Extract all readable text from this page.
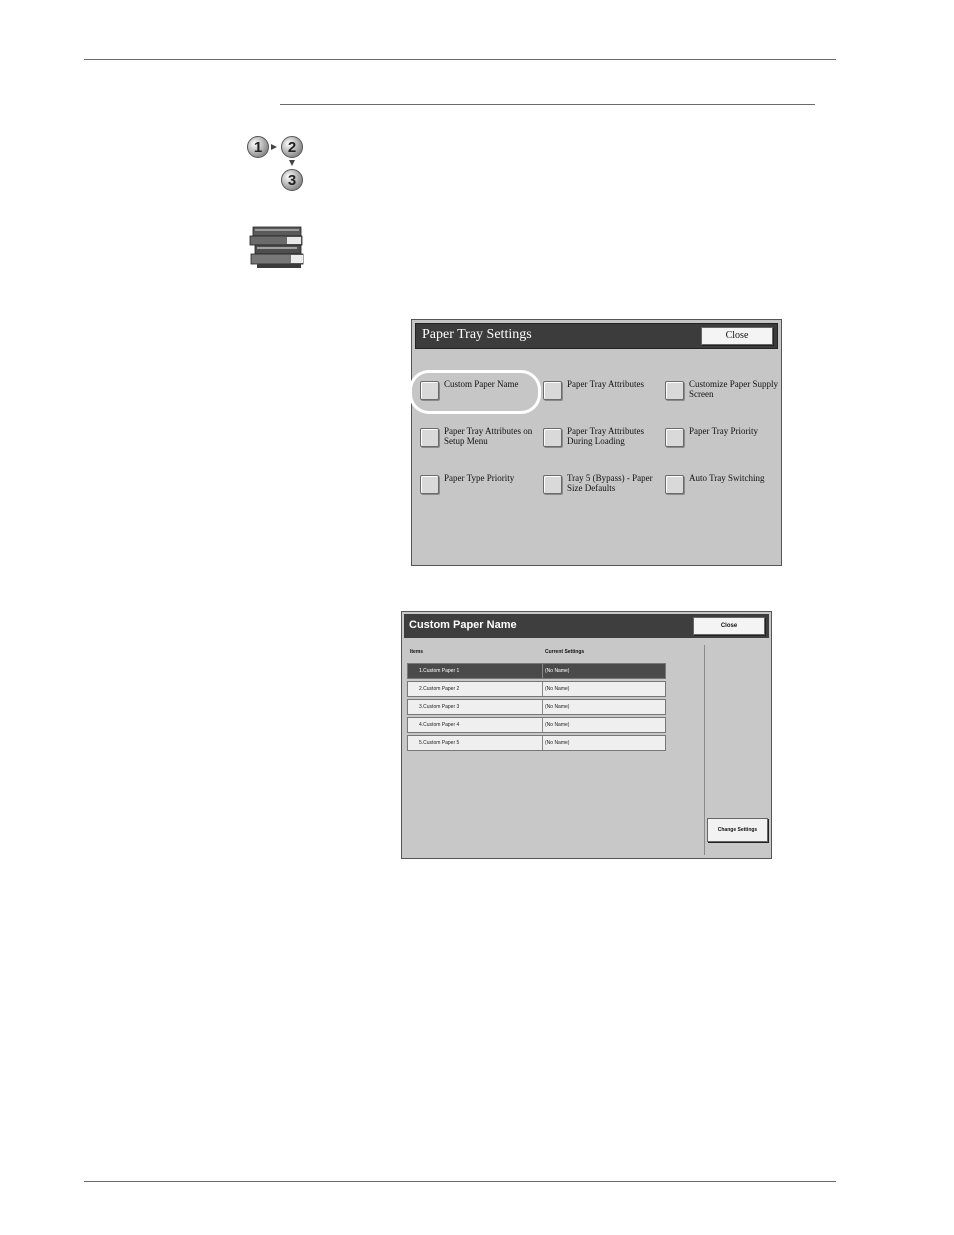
1 2
3
Paper Tray Settings	Close
Custom Paper Name	Paper Tray Attributes	Customize Paper Supply Screen
Paper Tray Attributes on Setup Menu
Paper Tray Attributes During Loading
Paper Tray Priority
Paper Type Priority	Tray 5 (Bypass) - Paper Size Defaults
Auto Tray Switching
Custom Paper Name	Close
Items	Current Settings
1.Custom Paper 1	(No Name)
2.Custom Paper 2	(No Name)
3.Custom Paper 3	(No Name)
4.Custom Paper 4	(No Name)
5.Custom Paper 5	(No Name)
Change Settings
